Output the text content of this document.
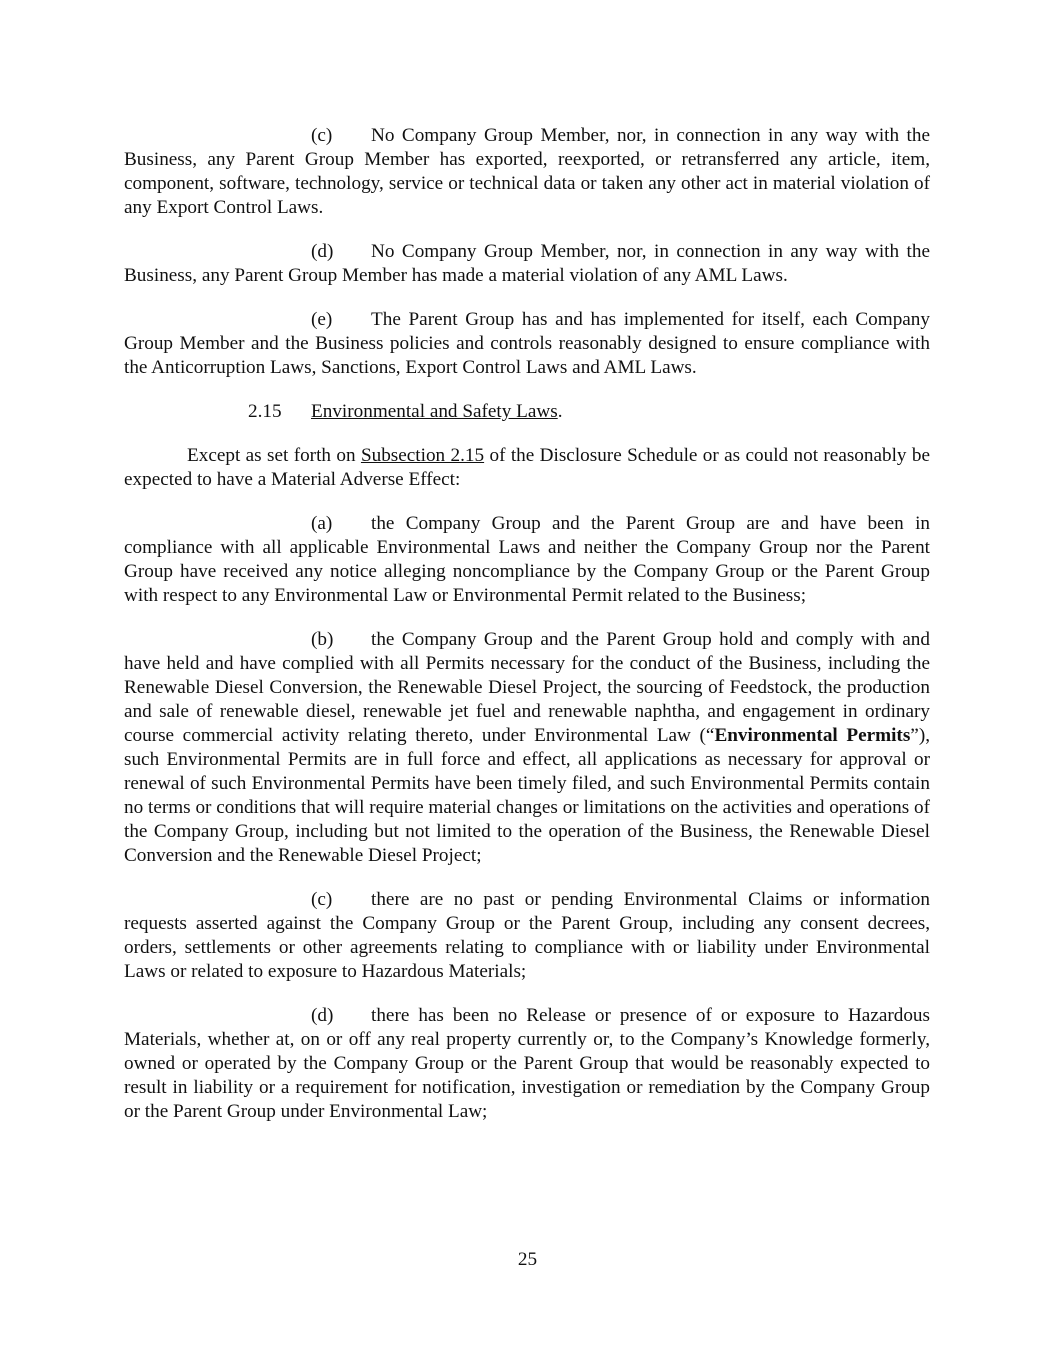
(c) No Company Group Member, nor, in connection in any way with the Business, any Parent Group Member has exported, reexported, or retransferred any article, item, component, software, technology, service or technical data or taken any other act in material violation of any Export Control Laws.

(d) No Company Group Member, nor, in connection in any way with the Business, any Parent Group Member has made a material violation of any AML Laws.

(e) The Parent Group has and has implemented for itself, each Company Group Member and the Business policies and controls reasonably designed to ensure compliance with the Anticorruption Laws, Sanctions, Export Control Laws and AML Laws.

2.15 Environmental and Safety Laws.

Except as set forth on Subsection 2.15 of the Disclosure Schedule or as could not reasonably be expected to have a Material Adverse Effect:

(a) the Company Group and the Parent Group are and have been in compliance with all applicable Environmental Laws and neither the Company Group nor the Parent Group have received any notice alleging noncompliance by the Company Group or the Parent Group with respect to any Environmental Law or Environmental Permit related to the Business;

(b) the Company Group and the Parent Group hold and comply with and have held and have complied with all Permits necessary for the conduct of the Business, including the Renewable Diesel Conversion, the Renewable Diesel Project, the sourcing of Feedstock, the production and sale of renewable diesel, renewable jet fuel and renewable naphtha, and engagement in ordinary course commercial activity relating thereto, under Environmental Law (“Environmental Permits”), such Environmental Permits are in full force and effect, all applications as necessary for approval or renewal of such Environmental Permits have been timely filed, and such Environmental Permits contain no terms or conditions that will require material changes or limitations on the activities and operations of the Company Group, including but not limited to the operation of the Business, the Renewable Diesel Conversion and the Renewable Diesel Project;

(c) there are no past or pending Environmental Claims or information requests asserted against the Company Group or the Parent Group, including any consent decrees, orders, settlements or other agreements relating to compliance with or liability under Environmental Laws or related to exposure to Hazardous Materials;

(d) there has been no Release or presence of or exposure to Hazardous Materials, whether at, on or off any real property currently or, to the Company’s Knowledge formerly, owned or operated by the Company Group or the Parent Group that would be reasonably expected to result in liability or a requirement for notification, investigation or remediation by the Company Group or the Parent Group under Environmental Law;

25
